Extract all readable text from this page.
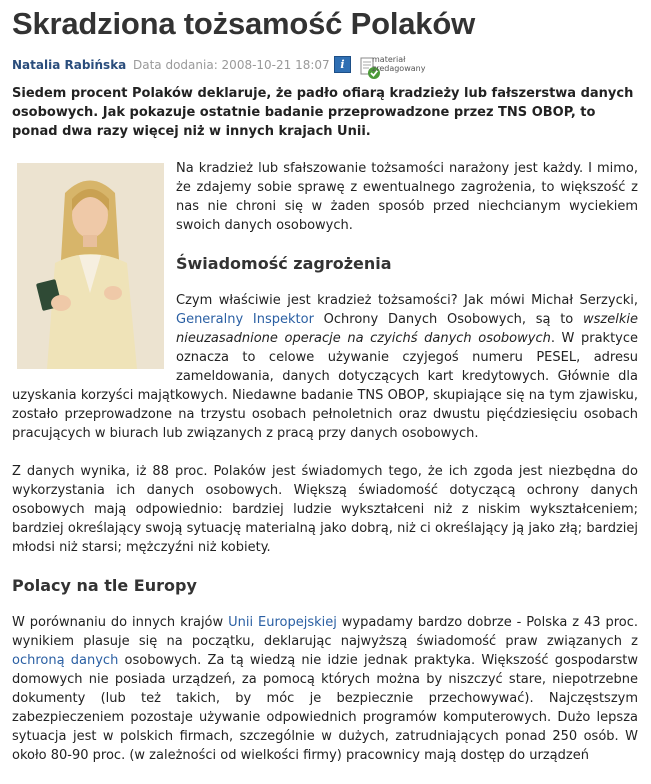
Skradziona tożsamość Polaków
Natalia Rabińska Data dodania: 2008-10-21 18:07 i	materiał zredagowany
Siedem procent Polaków deklaruje, że padło ofiarą kradzieży lub fałszerstwa danych osobowych. Jak pokazuje ostatnie badanie przeprowadzone przez TNS OBOP, to ponad dwa razy więcej niż w innych krajach Unii.

Na kradzież lub sfałszowanie tożsamości narażony jest każdy. I mimo, że zdajemy sobie sprawę z ewentualnego zagrożenia, to większość z nas nie chroni się w żaden sposób przed niechcianym wyciekiem swoich danych osobowych.

Świadomość zagrożenia

Czym właściwie jest kradzież tożsamości? Jak mówi Michał Serzycki, Generalny Inspektor Ochrony Danych Osobowych, są to wszelkie nieuzasadnione operacje na czyichś danych osobowych. W praktyce oznacza to celowe używanie czyjegoś numeru PESEL, adresu zameldowania, danych dotyczących kart kredytowych. Głównie dla uzyskania korzyści majątkowych. Niedawne badanie TNS OBOP, skupiające się na tym zjawisku, zostało przeprowadzone na trzystu osobach pełnoletnich oraz dwustu pięćdziesięciu osobach pracujących w biurach lub związanych z pracą przy danych osobowych.

Z danych wynika, iż 88 proc. Polaków jest świadomych tego, że ich zgoda jest niezbędna do wykorzystania ich danych osobowych. Większą świadomość dotyczącą ochrony danych osobowych mają odpowiednio: bardziej ludzie wykształceni niż z niskim wykształceniem; bardziej określający swoją sytuację materialną jako dobrą, niż ci określający ją jako złą; bardziej młodsi niż starsi; mężczyźni niż kobiety.

Polacy na tle Europy

W porównaniu do innych krajów Unii Europejskiej wypadamy bardzo dobrze - Polska z 43 proc. wynikiem plasuje się na początku, deklarując najwyższą świadomość praw związanych z ochroną danych osobowych. Za tą wiedzą nie idzie jednak praktyka. Większość gospodarstw domowych nie posiada urządzeń, za pomocą których można by niszczyć stare, niepotrzebne dokumenty (lub też takich, by móc je bezpiecznie przechowywać). Najczęstszym zabezpieczeniem pozostaje używanie odpowiednich programów komputerowych. Dużo lepsza sytuacja jest w polskich firmach, szczególnie w dużych, zatrudniających ponad 250 osób. W około 80-90 proc. (w zależności od wielkości firmy) pracownicy mają dostęp do urządzeń
